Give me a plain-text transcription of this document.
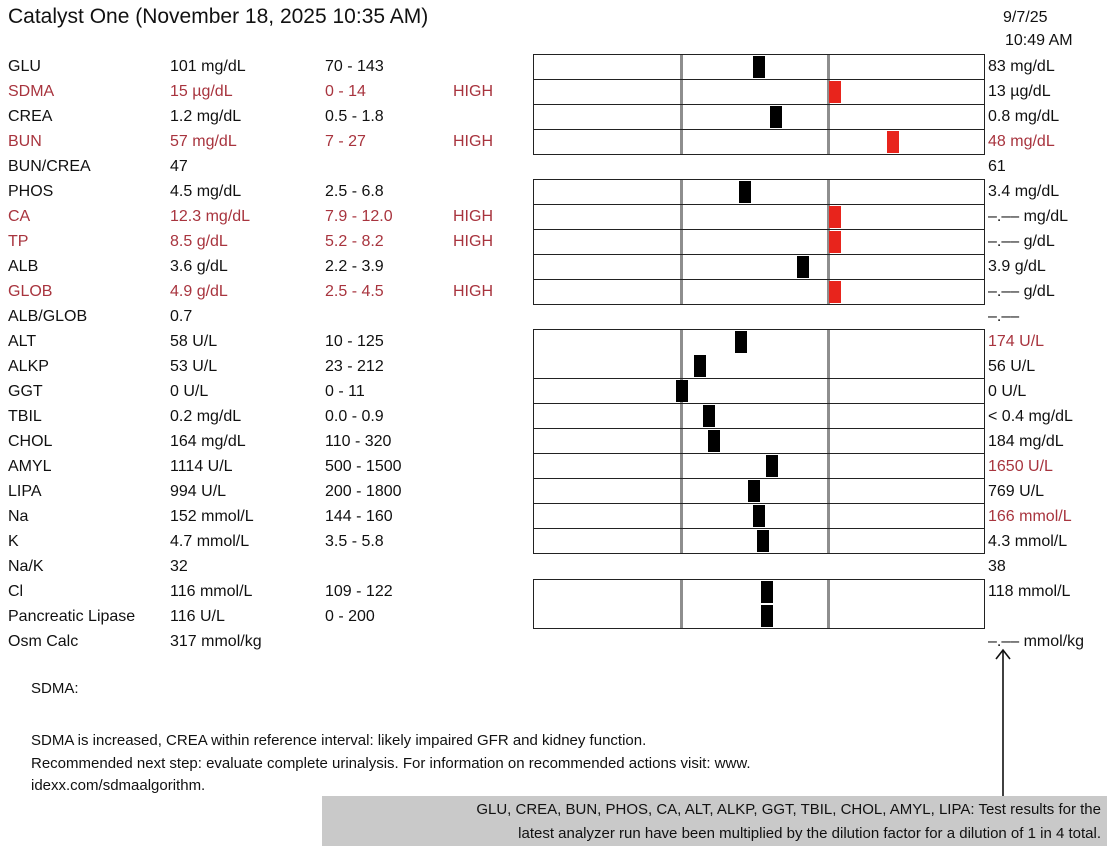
Catalyst One (November 18, 2025 10:35 AM)	9/7/25
10:49 AM
GLU	101 mg/dL	70 - 143	83 mg/dL
SDMA	15 µg/dL	0 - 14	HIGH	13 µg/dL
CREA	1.2 mg/dL	0.5 - 1.8	0.8 mg/dL
BUN	57 mg/dL	7 - 27	HIGH	48 mg/dL
BUN/CREA	47	61
PHOS	4.5 mg/dL	2.5 - 6.8	3.4 mg/dL
CA	12.3 mg/dL	7.9 - 12.0	HIGH	–.–– mg/dL
TP	8.5 g/dL	5.2 - 8.2	HIGH	–.–– g/dL
ALB	3.6 g/dL	2.2 - 3.9	3.9 g/dL
GLOB	4.9 g/dL	2.5 - 4.5	HIGH	–.–– g/dL
ALB/GLOB	0.7	–.––
ALT	58 U/L	10 - 125	174 U/L
ALKP	53 U/L	23 - 212	56 U/L
GGT	0 U/L	0 - 11	0 U/L
TBIL	0.2 mg/dL	0.0 - 0.9	< 0.4 mg/dL
CHOL	164 mg/dL	110 - 320	184 mg/dL
AMYL	1114 U/L	500 - 1500	1650 U/L
LIPA	994 U/L	200 - 1800	769 U/L
Na	152 mmol/L	144 - 160	166 mmol/L
K	4.7 mmol/L	3.5 - 5.8	4.3 mmol/L
Na/K	32	38
Cl	116 mmol/L	109 - 122	118 mmol/L
Pancreatic Lipase 116 U/L	0 - 200
Osm Calc	317 mmol/kg	–.–– mmol/kg
SDMA:
SDMA is increased, CREA within reference interval: likely impaired GFR and kidney function.
Recommended next step: evaluate complete urinalysis. For information on recommended actions visit: www.
idexx.com/sdmaalgorithm.
GLU, CREA, BUN, PHOS, CA, ALT, ALKP, GGT, TBIL, CHOL, AMYL, LIPA: Test results for the
latest analyzer run have been multiplied by the dilution factor for a dilution of 1 in 4 total.
